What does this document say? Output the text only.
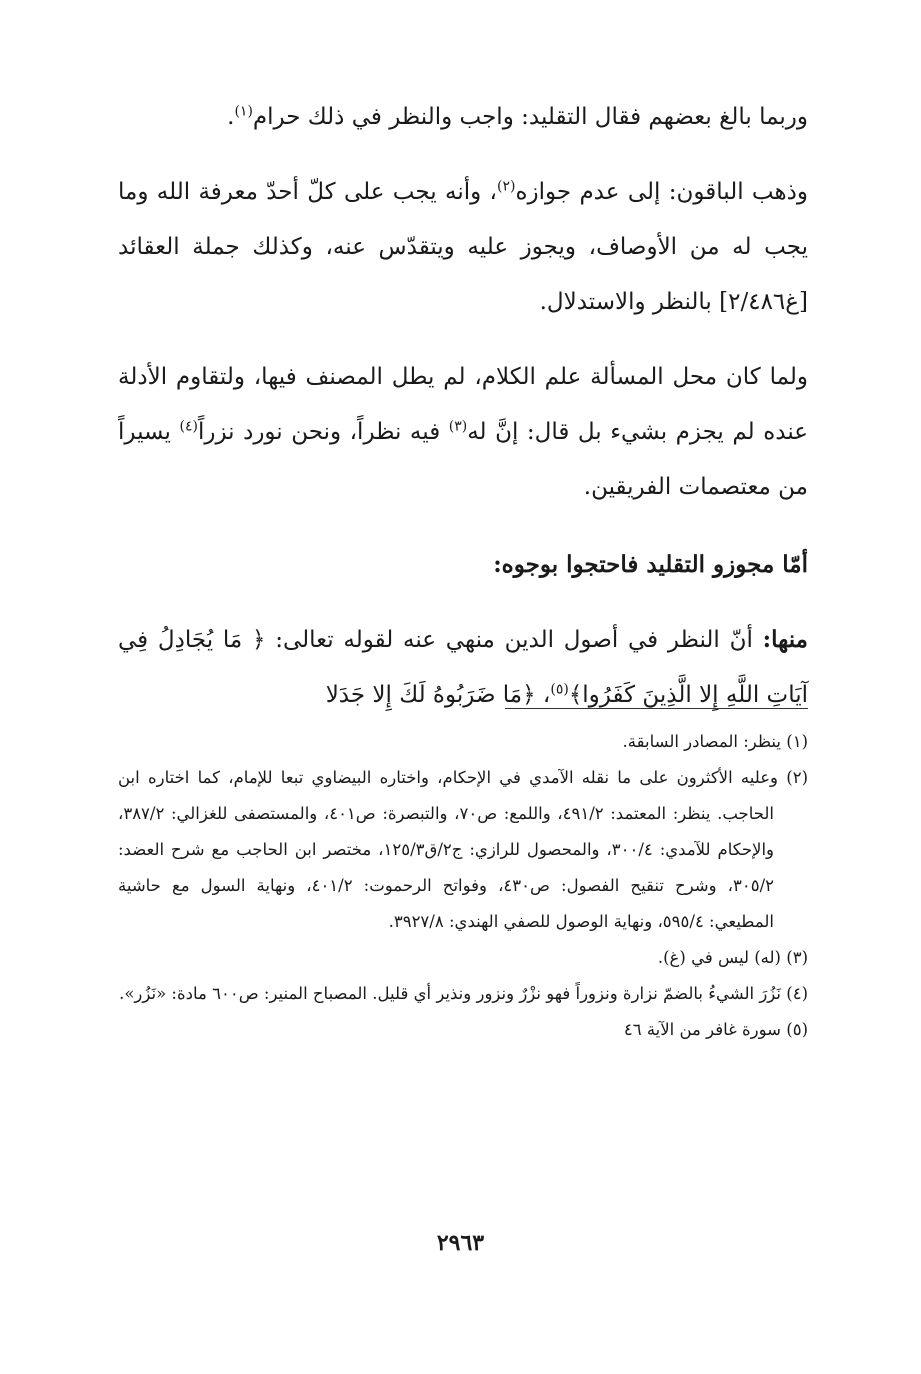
وربما بالغ بعضهم فقال التقليد: واجب والنظر في ذلك حرام$^{(١)}$.

وذهب الباقون: إلى عدم جوازه$^{(٢)}$، وأنه يجب على كلّ أحدّ معرفة الله وما يجب له من الأوصاف، ويجوز عليه ويتقدّس عنه، وكذلك جملة العقائد [غ٢/٤٨٦] بالنظر والاستدلال.

ولما كان محل المسألة علم الكلام، لم يطل المصنف فيها، ولتقاوم الأدلة عنده لم يجزم بشيء بل قال: إنَّ له$^{(٣)}$ فيه نظراً، ونحن نورد نزراً$^{(٤)}$ يسيراً من معتصمات الفريقين.

أمّا مجوزو التقليد فاحتجوا بوجوه:

منها: أنّ النظر في أصول الدين منهي عنه لقوله تعالى: ﴿ مَا يُجَادِلُ فِي آيَاتِ اللَّهِ إِلا الَّذِينَ كَفَرُوا﴾$^{(٥)}$، ﴿مَا ضَرَبُوهُ لَكَ إِلا جَدَلا

(١) ينظر: المصادر السابقة.

(٢) وعليه الأكثرون على ما نقله الآمدي في الإحكام، واختاره البيضاوي تبعا للإمام، كما اختاره ابن الحاجب. ينظر: المعتمد: ٤٩١/٢، واللمع: ص٧٠، والتبصرة: ص٤٠١، والمستصفى للغزالي: ٣٨٧/٢، والإحكام للآمدي: ٣٠٠/٤، والمحصول للرازي: ج٢/ق١٢٥/٣، مختصر ابن الحاجب مع شرح العضد: ٣٠٥/٢، وشرح تنقيح الفصول: ص٤٣٠، وفواتح الرحموت: ٤٠١/٢، ونهاية السول مع حاشية المطيعي: ٥٩٥/٤، ونهاية الوصول للصفي الهندي: ٣٩٢٧/٨.

(٣) (له) ليس في (غ).

(٤) نَزُرَ الشيءُ بالضمّ نزارة ونزوراً فهو نزْرٌ ونزور ونذير أي قليل. المصباح المنير: ص٦٠٠ مادة: «نَزُر».

(٥) سورة غافر من الآية ٤٦

٢٩٦٣
